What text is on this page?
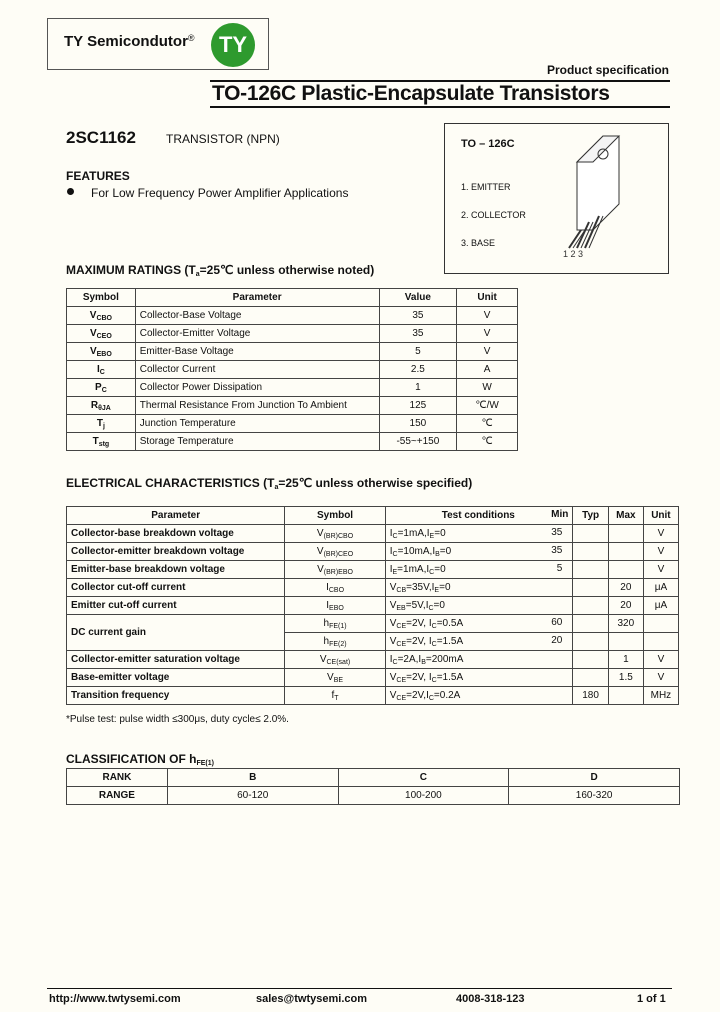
TY Semicondutor®	TY
Product specification
TO-126C Plastic-Encapsulate Transistors
2SC1162	TRANSISTOR (NPN)
FEATURES
For Low Frequency Power Amplifier Applications
TO – 126C
1. EMITTER
2. COLLECTOR
3. BASE
1 2 3
MAXIMUM RATINGS ($T_a=25℃$ unless otherwise noted)
Symbol	Parameter	Value	Unit
$V_{CBO}$	Collector-Base Voltage	35	V
$V_{CEO}$	Collector-Emitter Voltage	35	V
$V_{EBO}$	Emitter-Base Voltage	5	V
$I_C$	Collector Current	2.5	A
$P_C$	Collector Power Dissipation	1	W
$R_{\theta JA}$	Thermal Resistance From Junction To Ambient	125	℃/W
$T_j$	Junction Temperature	150	℃
$T_{stg}$	Storage Temperature	-55~+150	℃
ELECTRICAL CHARACTERISTICS ($T_a=25℃$ unless otherwise specified)
Parameter	Symbol	Test conditions Min	Typ	Max	Unit
Collector-base breakdown voltage	$V_{(BR)CBO}$	$I_C=1mA,I_E=0$ 35			V
Collector-emitter breakdown voltage	$V_{(BR)CEO}$	$I_C=10mA,I_B=0$ 35			V
Emitter-base breakdown voltage	$V_{(BR)EBO}$	$I_E=1mA,I_C=0$ 5			V
Collector cut-off current	$I_{CBO}$	$V_{CB}=35V,I_E=0$		20	μA
Emitter cut-off current	$I_{EBO}$	$V_{EB}=5V,I_C=0$		20	μA
DC current gain	$h_{FE(1)}$	$V_{CE}=2V$, $I_C=0.5A$ 60		320	
	$h_{FE(2)}$	$V_{CE}=2V$, $I_C=1.5A$ 20			

Collector-emitter saturation voltage	$V_{CE(sat)}$	$I_C=2A,I_B=200mA$		1	V
Base-emitter voltage	$V_{BE}$	$V_{CE}=2V$, $I_C=1.5A$		1.5	V
Transition frequency	$f_T$	$V_{CE}=2V,I_C=0.2A$	180		MHz
*Pulse test: pulse width ≤300μs, duty cycle≤ 2.0%.
CLASSIFICATION OF $h_{FE(1)}$
RANK	B	C	D
RANGE	60-120	100-200	160-320
http://www.twtysemi.com	sales@twtysemi.com	4008-318-123	1 of 1
